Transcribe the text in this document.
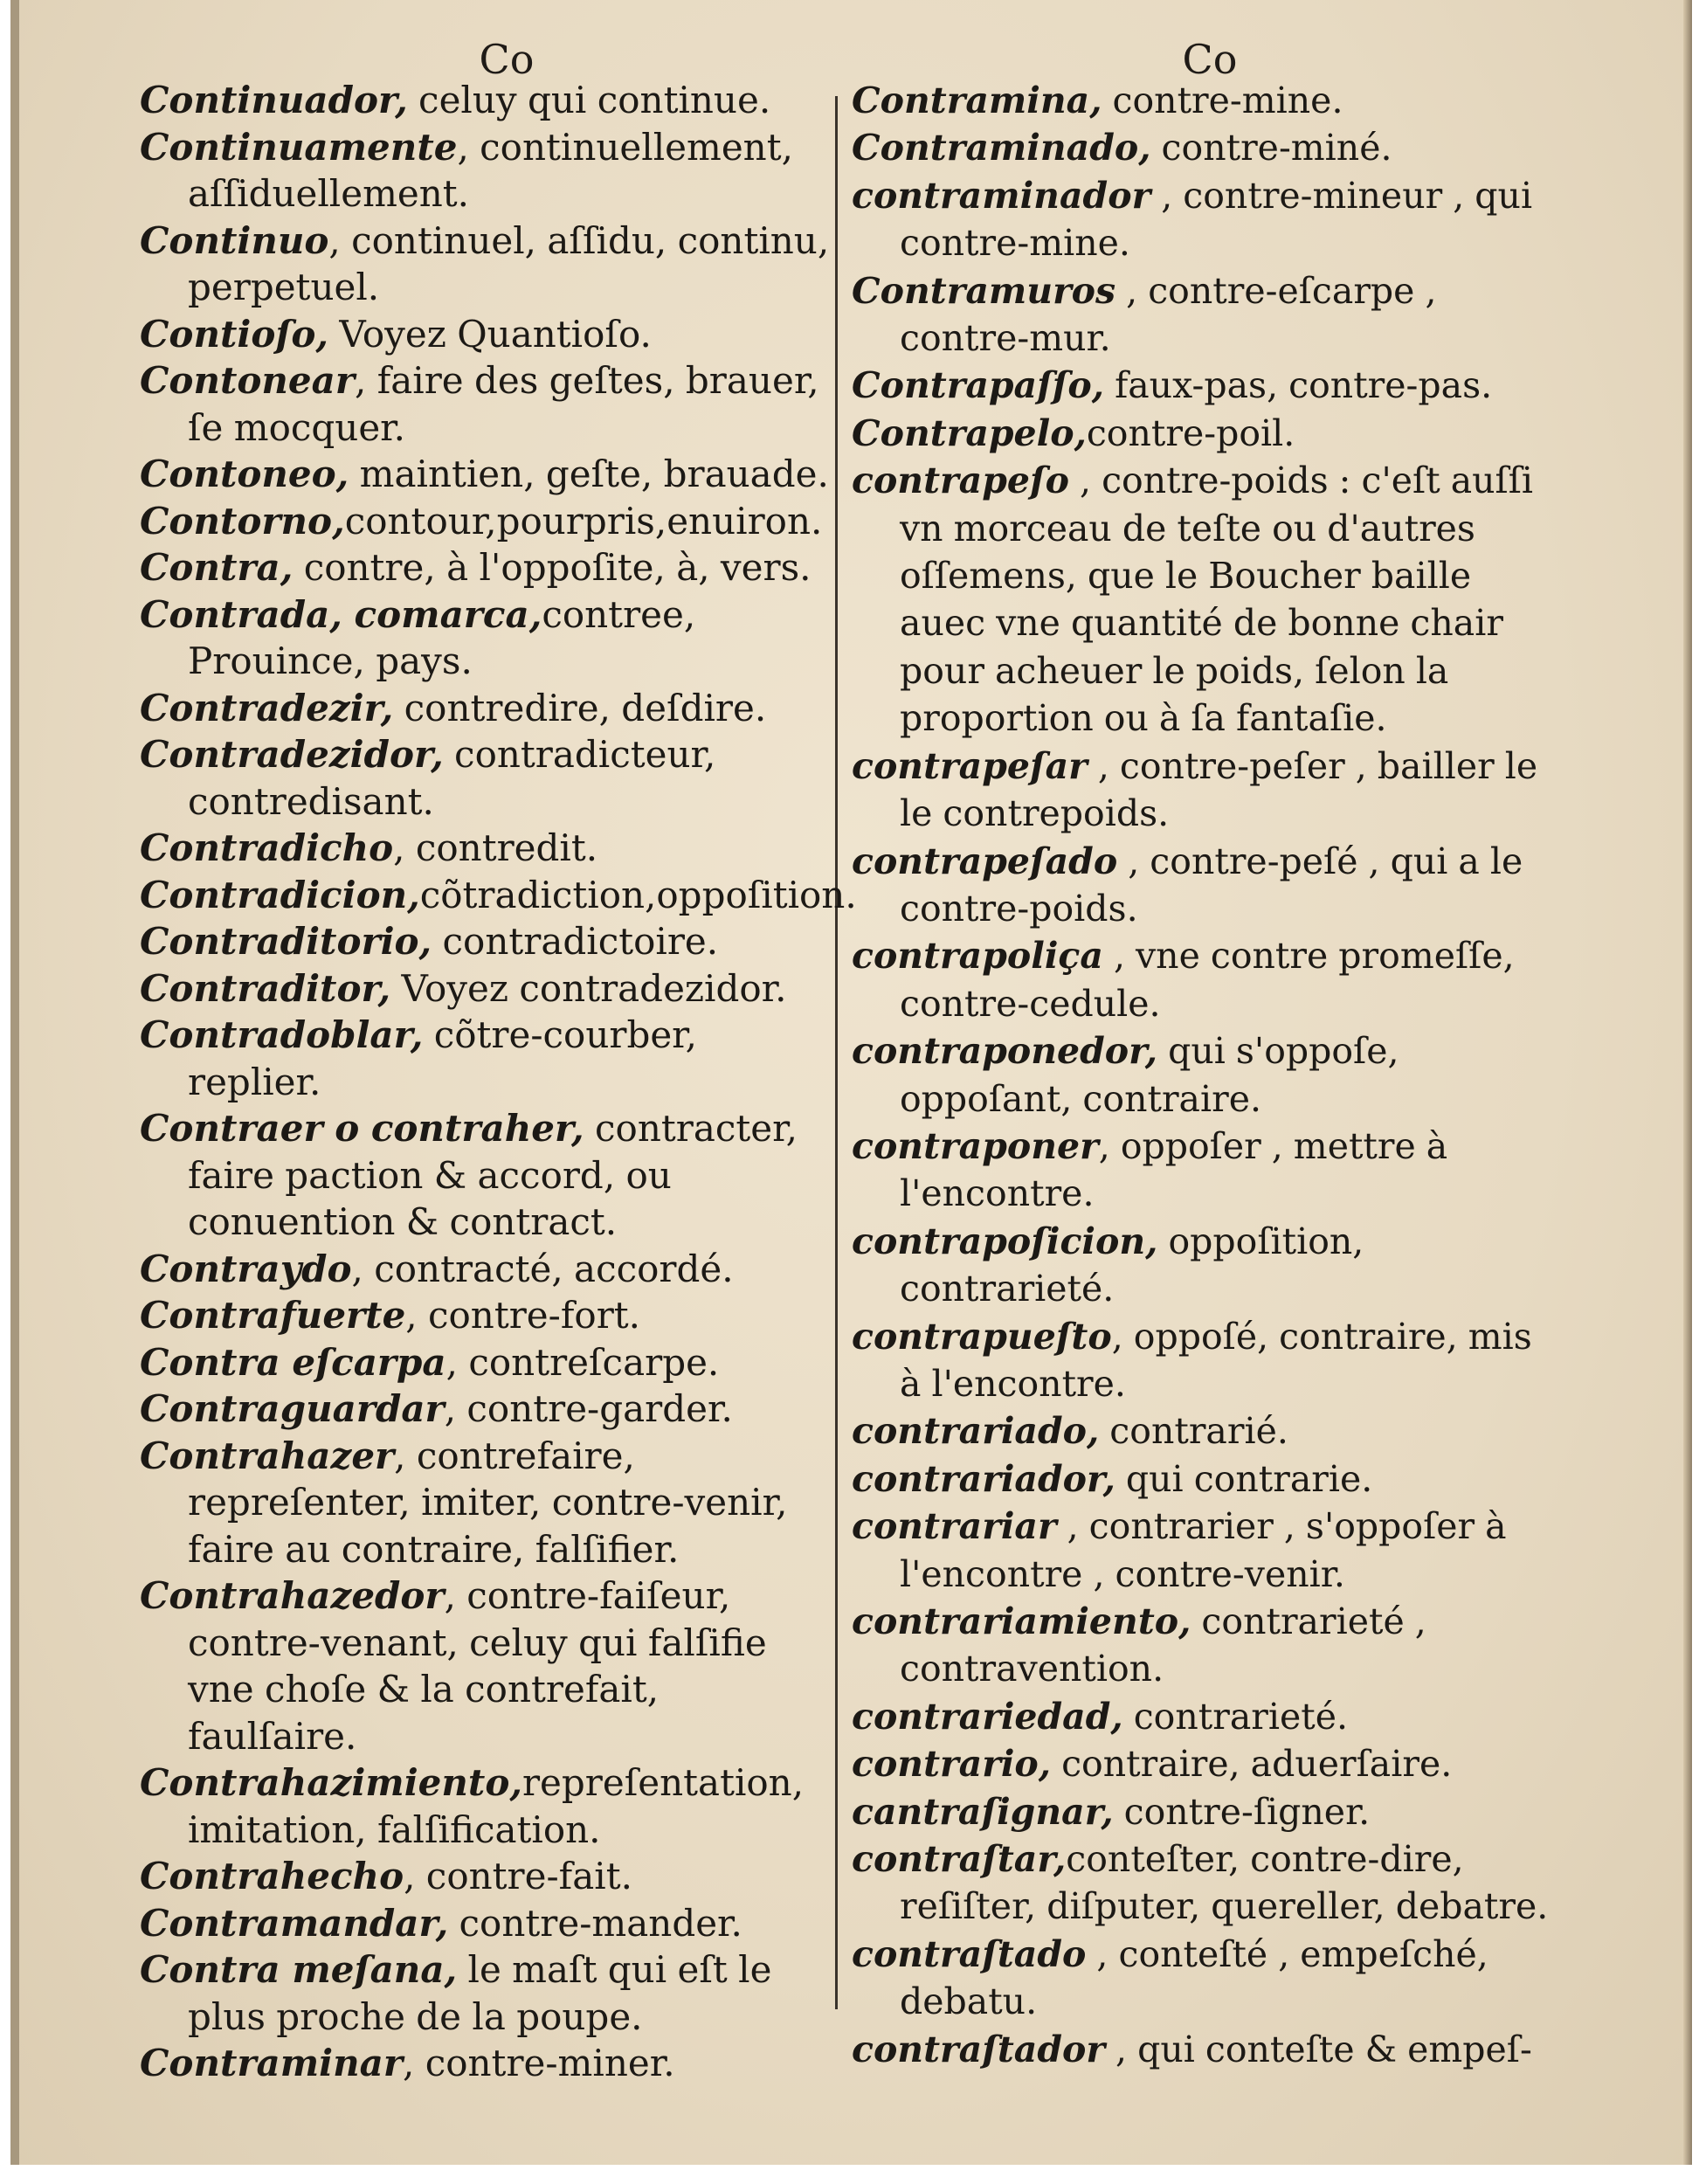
Co	Co
Continuador, celuy qui continue.
Continuamente, continuellement, aſſiduellement.
Continuo, continuel, aſſidu, continu, perpetuel.
Contioſo, Voyez Quantioſo.
Contonear, faire des geſtes, brauer, ſe mocquer.
Contoneo, maintien, geſte, brauade.
Contorno,contour,pourpris,enuiron.
Contra, contre, à l'oppoſite, à, vers.
Contrada, comarca,contree, Prouince, pays.
Contradezir, contredire, deſdire.
Contradezidor, contradicteur, contredisant.
Contradicho, contredit.
Contradicion,cõtradiction,oppoſition.
Contraditorio, contradictoire.
Contraditor, Voyez contradezidor.
Contradoblar, cõtre-courber, replier.
Contraer o contraher, contracter, faire paction & accord, ou conuention & contract.
Contraydo, contracté, accordé.
Contrafuerte, contre-fort.
Contra eſcarpa, contreſcarpe.
Contraguardar, contre-garder.
Contrahazer, contrefaire, repreſenter, imiter, contre-venir, faire au contraire, falſifier.
Contrahazedor, contre-faiſeur, contre-venant, celuy qui falſifie vne choſe & la contrefait, faulſaire.
Contrahazimiento,repreſentation, imitation, falſification.
Contrahecho, contre-fait.
Contramandar, contre-mander.
Contra meſana, le maſt qui eſt le plus proche de la poupe.
Contraminar, contre-miner.
Contramina, contre-mine.
Contraminado, contre-miné.
contraminador , contre-mineur , qui contre-mine.
Contramuros , contre-eſcarpe , contre-mur.
Contrapaſſo, faux-pas, contre-pas.
Contrapelo,contre-poil.
contrapeſo , contre-poids : c'eſt auſſi vn morceau de teſte ou d'autres oſſemens, que le Boucher baille auec vne quantité de bonne chair pour acheuer le poids, ſelon la proportion ou à ſa fantaſie.
contrapeſar , contre-peſer , bailler le le contrepoids.
contrapeſado , contre-peſé , qui a le contre-poids.
contrapoliça , vne contre promeſſe, contre-cedule.
contraponedor, qui s'oppoſe, oppoſant, contraire.
contraponer, oppoſer , mettre à l'encontre.
contrapoſicion, oppoſition, contrarieté.
contrapueſto, oppoſé, contraire, mis à l'encontre.
contrariado, contrarié.
contrariador, qui contrarie.
contrariar , contrarier , s'oppoſer à l'encontre , contre-venir.
contrariamiento, contrarieté , contravention.
contrariedad, contrarieté.
contrario, contraire, aduerſaire.
cantraſignar, contre-ſigner.
contraſtar,conteſter, contre-dire, reſiſter, diſputer, quereller, debatre.
contraſtado , conteſté , empeſché, debatu.
contraſtador , qui conteſte & empeſ-
